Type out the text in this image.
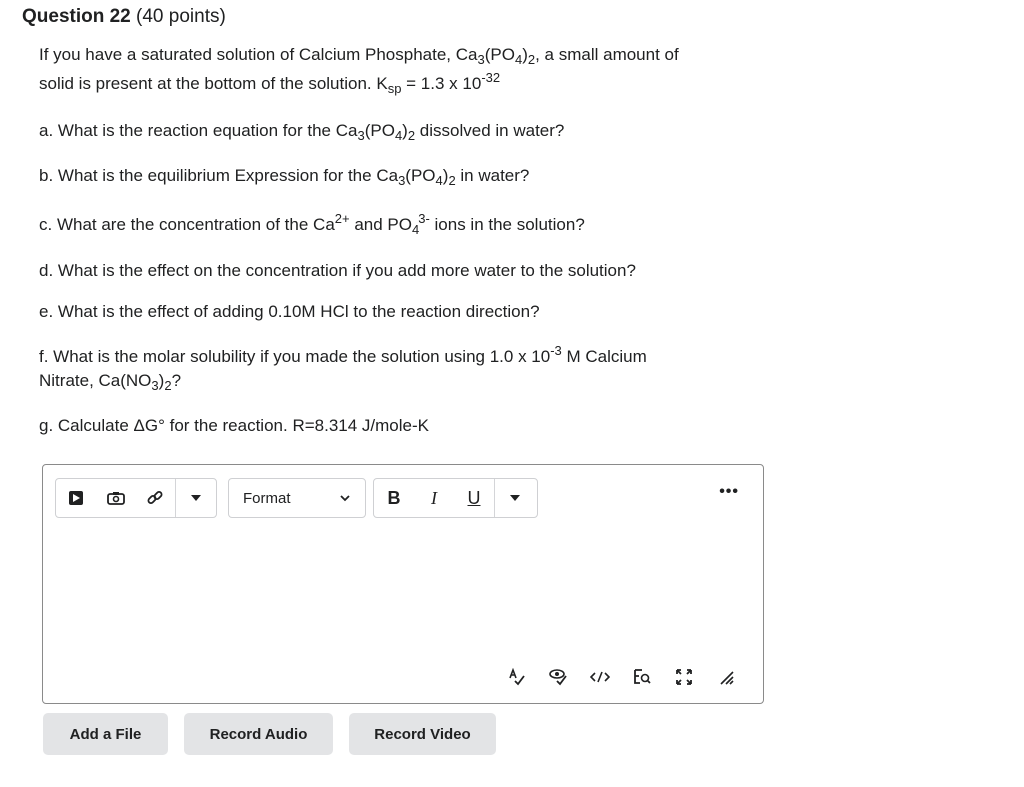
Question 22 (40 points)
If you have a saturated solution of Calcium Phosphate, $Ca_3(PO_4)_2$, a small amount of
solid is present at the bottom of the solution. $K_{sp} = 1.3$ x $10^{-32}$
a. What is the reaction equation for the $Ca_3(PO_4)_2$ dissolved in water?
b. What is the equilibrium Expression for the $Ca_3(PO_4)_2$ in water?
c. What are the concentration of the $Ca^{2+}$ and $PO_4^{3-}$ ions in the solution?
d. What is the effect on the concentration if you add more water to the solution?
e. What is the effect of adding 0.10M HCl to the reaction direction?
f. What is the molar solubility if you made the solution using 1.0 x $10^{-3}$ M Calcium
Nitrate, $Ca(NO_3)_2$?
g. Calculate ΔG° for the reaction. R=8.314 J/mole-K
Format	B	I	U	•••
Add a File	Record Audio	Record Video
